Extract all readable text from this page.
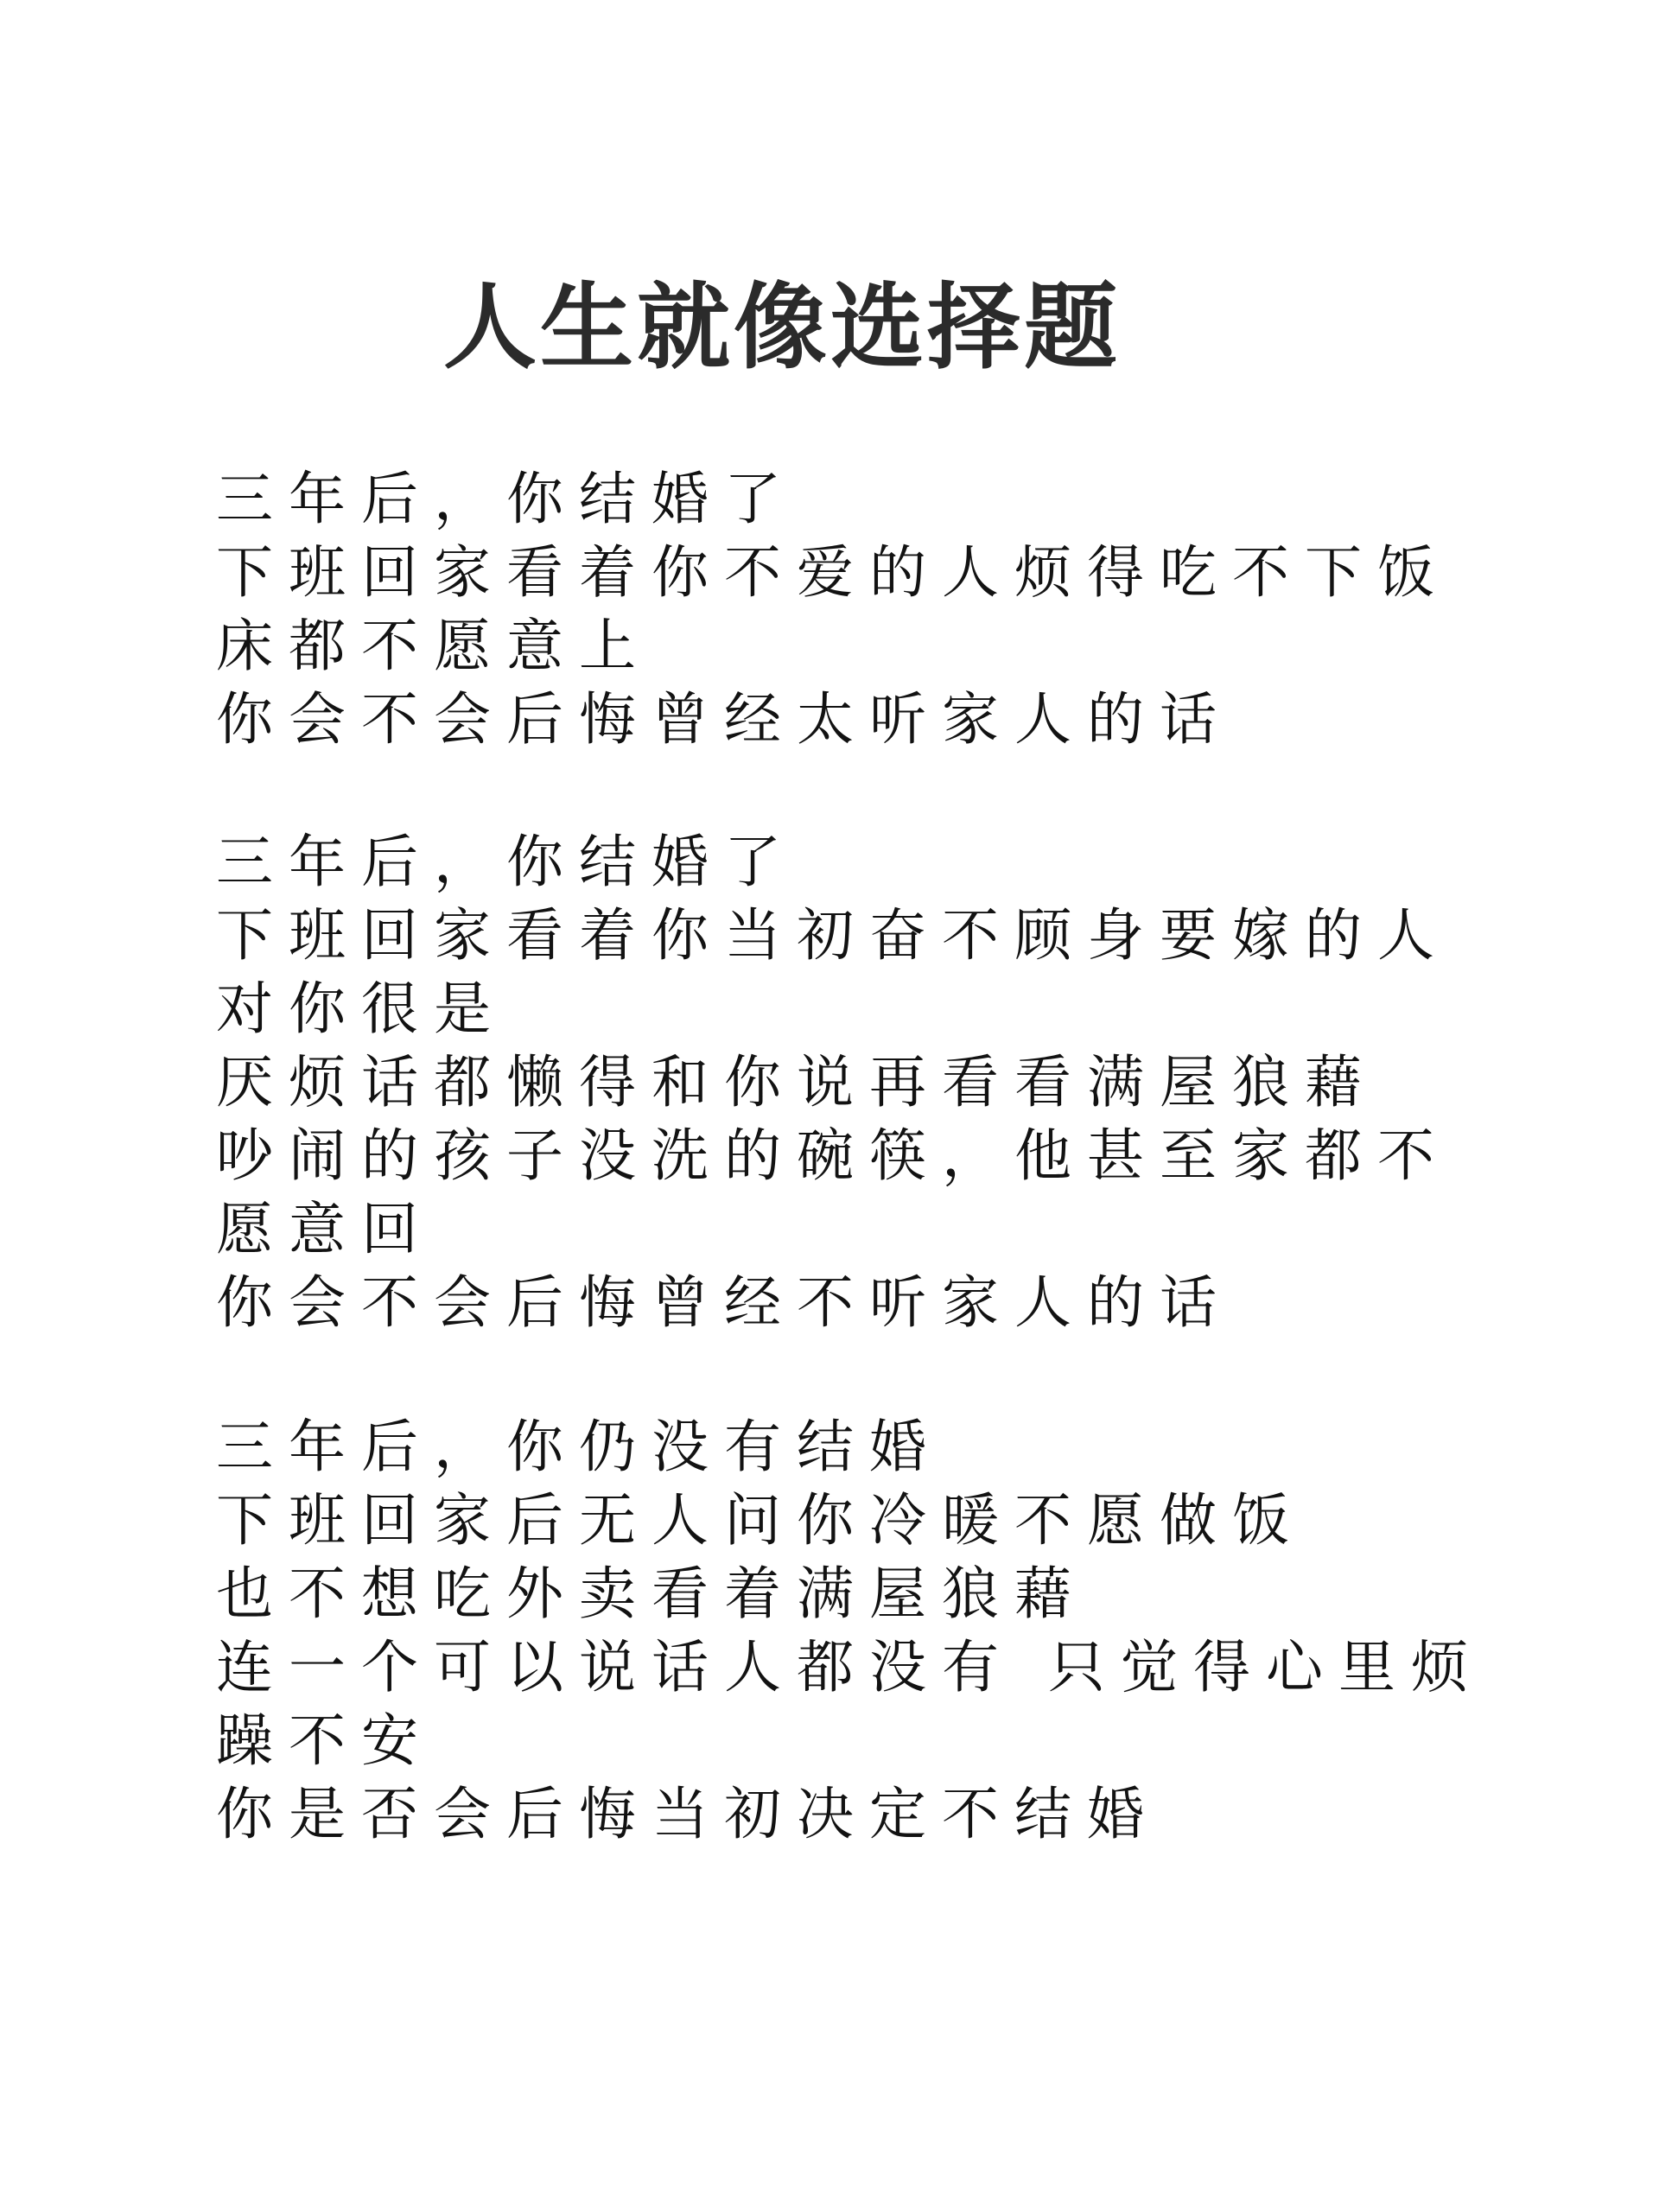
人生就像选择题
三年后，你结婚了
下班回家看着你不爱的人烦得吃不下饭
床都不愿意上
你会不会后悔曾经太听家人的话
三年后，你结婚了
下班回家看着你当初奋不顾身要嫁的人
对你很是
厌烦话都懒得和你说再看看满屋狼藉
吵闹的孩子没洗的碗筷，他甚至家都不
愿意回
你会不会后悔曾经不听家人的话
三年后，你仍没有结婚
下班回家后无人问你冷暖不愿做饭
也不想吃外卖看着满屋狼藉
连一个可以说话人都没有 只觉得心里烦
躁不安
你是否会后悔当初决定不结婚
